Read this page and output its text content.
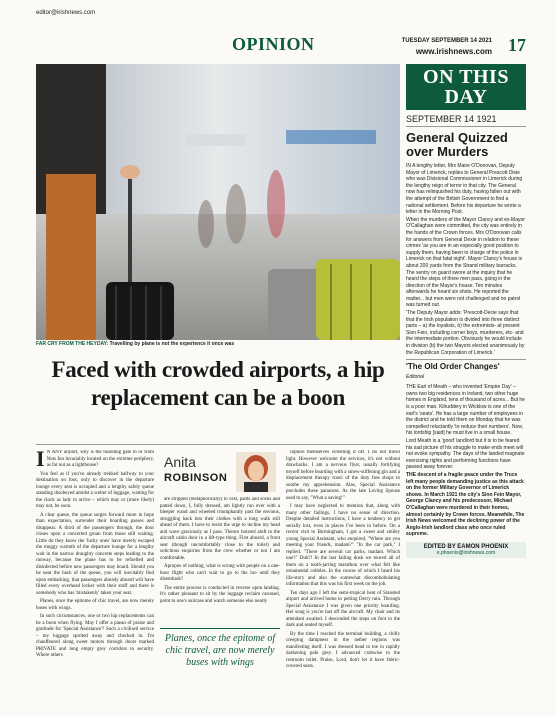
editor@irishnews.com
OPINION	TUESDAY SEPTEMBER 14 2021
www.irishnews.com 17
FAR CRY FROM THE HEYDAY: Travelling by plane is not the experience it once was
Faced with crowded airports, a hip replacement can be a boon

I N ANY airport, why is the boarding gate to or from Nuts Inn invariably located on the extreme periphery, as far out as a lighthouse?

You feel as if you've already trekked halfway to your destination on foot, only to discover in the departure lounge every seat is occupied and a lengthy safely queue standing disobeyed amidst a welter of luggage, waiting for the clock as lady to arrive – which may or (more likely) may not, be soon.

A clear queue, the queue surges forward more in hope than expectation, surrender their boarding passes and disappear. A third of the passengers through, the door closes upon a concerted groan from those still waiting. Little do they know the 'lucky ones' have merely escaped the muggy warmth of the departure lounge for a lengthy wait in the narrow draughty concrete steps leading to the runway, because the plane has to be refuelled and disinfected before new passengers may board. Should you be near the back of the queue, you will inevitably find upon embarking, that passengers already aboard will have filled every overhead locker with their stuff and there is somebody who has 'mistakenly' taken your seat.

Planes, once the epitome of chic travel, are now merely buses with wings.

In such circumstances, one or two hip replacements can be a boon when flying. May I offer a paean of praise and gratitude for 'Special Assistance'? Such a civilised service – my luggage spirited away and checked in. I'm chauffeured along sweet motors through doors marked PRIVATE and long empty grey corridors to security. Where others

Anita
ROBINSON

are stripped (metaphorically) to vest, pants and socks and patted down, I, fully dressed, am lightly run over with a bleeper wand and wheeled triumphantly past the envious, struggling back into their clothes with a long walk still ahead of them. I have to resist the urge to incline my head and wave graciously as I pass. Thence hoisted aloft to the aircraft cabin door in a lift-type thing. First aboard, a front seat (though uncomfortably close to the toilet) and solicitous enquiries from the crew whether or not I am comfortable.

Apropos of nothing, what is wrong with people on a one-hour flight who can't wait to go to the loo until they disembark?

The entire process is conducted in reverse upon landing. It's rather pleasant to sit by the luggage reclaim carousel, point to one's suitcase and watch someone else nearly

Planes, once the epitome of chic travel, are now merely buses with wings

rupture themselves wrestling it off. I do not travel light. However welcome the services, it's not without drawbacks. I am a nervous flyer, usually fortifying myself before boarding with a sinew-stiffening gin and a displacement therapy trawl of the duty free shops to soothe my apprehension. Alas, Special Assistance precludes these panaceas. As the late Loving Spouse used to say, "What a saving!"

I may have neglected to mention that, along with many other failings, I have no sense of direction. Despite detailed instructions, I have a tendency to get serially lost, even in places I've been to before. On a recent visit to Birmingham, I got a sweet and smiley young Special Assistant, who enquired, "Where are you meeting your friends, madam?" "In the car park," I replied. "There are several car parks, madam. Which one?" Duh?! In the last failing dusk we toured all of them on a tooth-jarring marathon over what felt like ornamental cobbles. In the course of which I heard his life-story and also the somewhat discombobulating information that this was his first week on the job.

Ten days ago I left the semi-tropical heat of Stansted airport and arrived home to pelting Derry rain. Through Special Assistance I was given one priority boarding. Her snug is you're last off the aircraft. My chair and its attendant awaited. I descended the steps on foot to the dark and seated myself.

By the time I reached the terminal building, a chilly creeping dampness in the nether regions was manifesting itself. I was dressed head to toe in rapidly darkening pale grey. I advanced crabwise to the restroom toilet. Praise, Lord, don't let it have fabric-covered seats.

ON THIS DAY
SEPTEMBER 14 1921
General Quizzed over Murders

IN A lengthy letter, Mrs Maire O'Donovan, Deputy Mayor of Limerick, replies to General Prescott Dixie who was Divisional Commissioner in Limerick during the lengthy reign of terror in that city. The General now has relinquished his duty, having fallen out with the attempt of the British Government to find a national settlement. Before his departure he wrote a letter in the Morning Post.

When the murders of the Mayor Clancy and ex-Mayor O'Callaghan were committed, the city was entirely in the hands of the Crown forces. Mrs O'Donovan calls for answers from General Dexie in relation to these crimes 'as you are in an especially good position to supply them, having been in charge of the police in Limerick on that fatal night'. Mayor Clancy's house is about 200 yards from the Strand military barracks. The sentry on guard swore at the inquiry that he heard the steps of three men pass, going in the direction of the Mayor's house. Ten minutes afterwards he heard six shots. He reported the matter... but men were not challenged and no patrol was turned out.

'The Deputy Mayor adds: 'Prescott-Decie says that that the Irish population is divided into three distinct parts – a) the loyalists, b) the extremists- at present Sinn Fein, including corner boys, murderers, etc- and the intermediate portion. Obviously he would include in division (b) the two Mayors elected unanimously by the Republican Corporation of Limerick.'

'The Old Order Changes'
Editorial

THE Earl of Meath – who invented 'Empire Day' – owns two big residences in Ireland, two other huge homes in England, tens of thousand of acres... But he is a poor man. Kilruddery in Wicklow is one of the earl's 'seats'. He has a large number of employees in the district and he told them on Monday that he was compelled reluctantly 'to reduce their numbers'. Now, his lordship [said] he must live in a small house.

Lord Meath is a 'good' landlord but it is to be feared his sad picture of his struggle to make ends meet will not evoke sympathy. The days of the landed magnate exercising rights and performing functions have passed away forever.

THE descent of a fragile peace under the Truce left many people demanding justice as this attack on the former Military Governor of Limerick shows. In March 1921 the city's Sinn Fein Mayor, George Clancy and his predecessor, Michael O'Callaghan were murdered in their homes, almost certainly by Crown forces. Meanwhile, The Irish News welcomed the declining power of the Anglo-Irish landlord class who once ruled supreme.

EDITED BY EAMON PHOENIX
e.phoenix@irishnews.com
